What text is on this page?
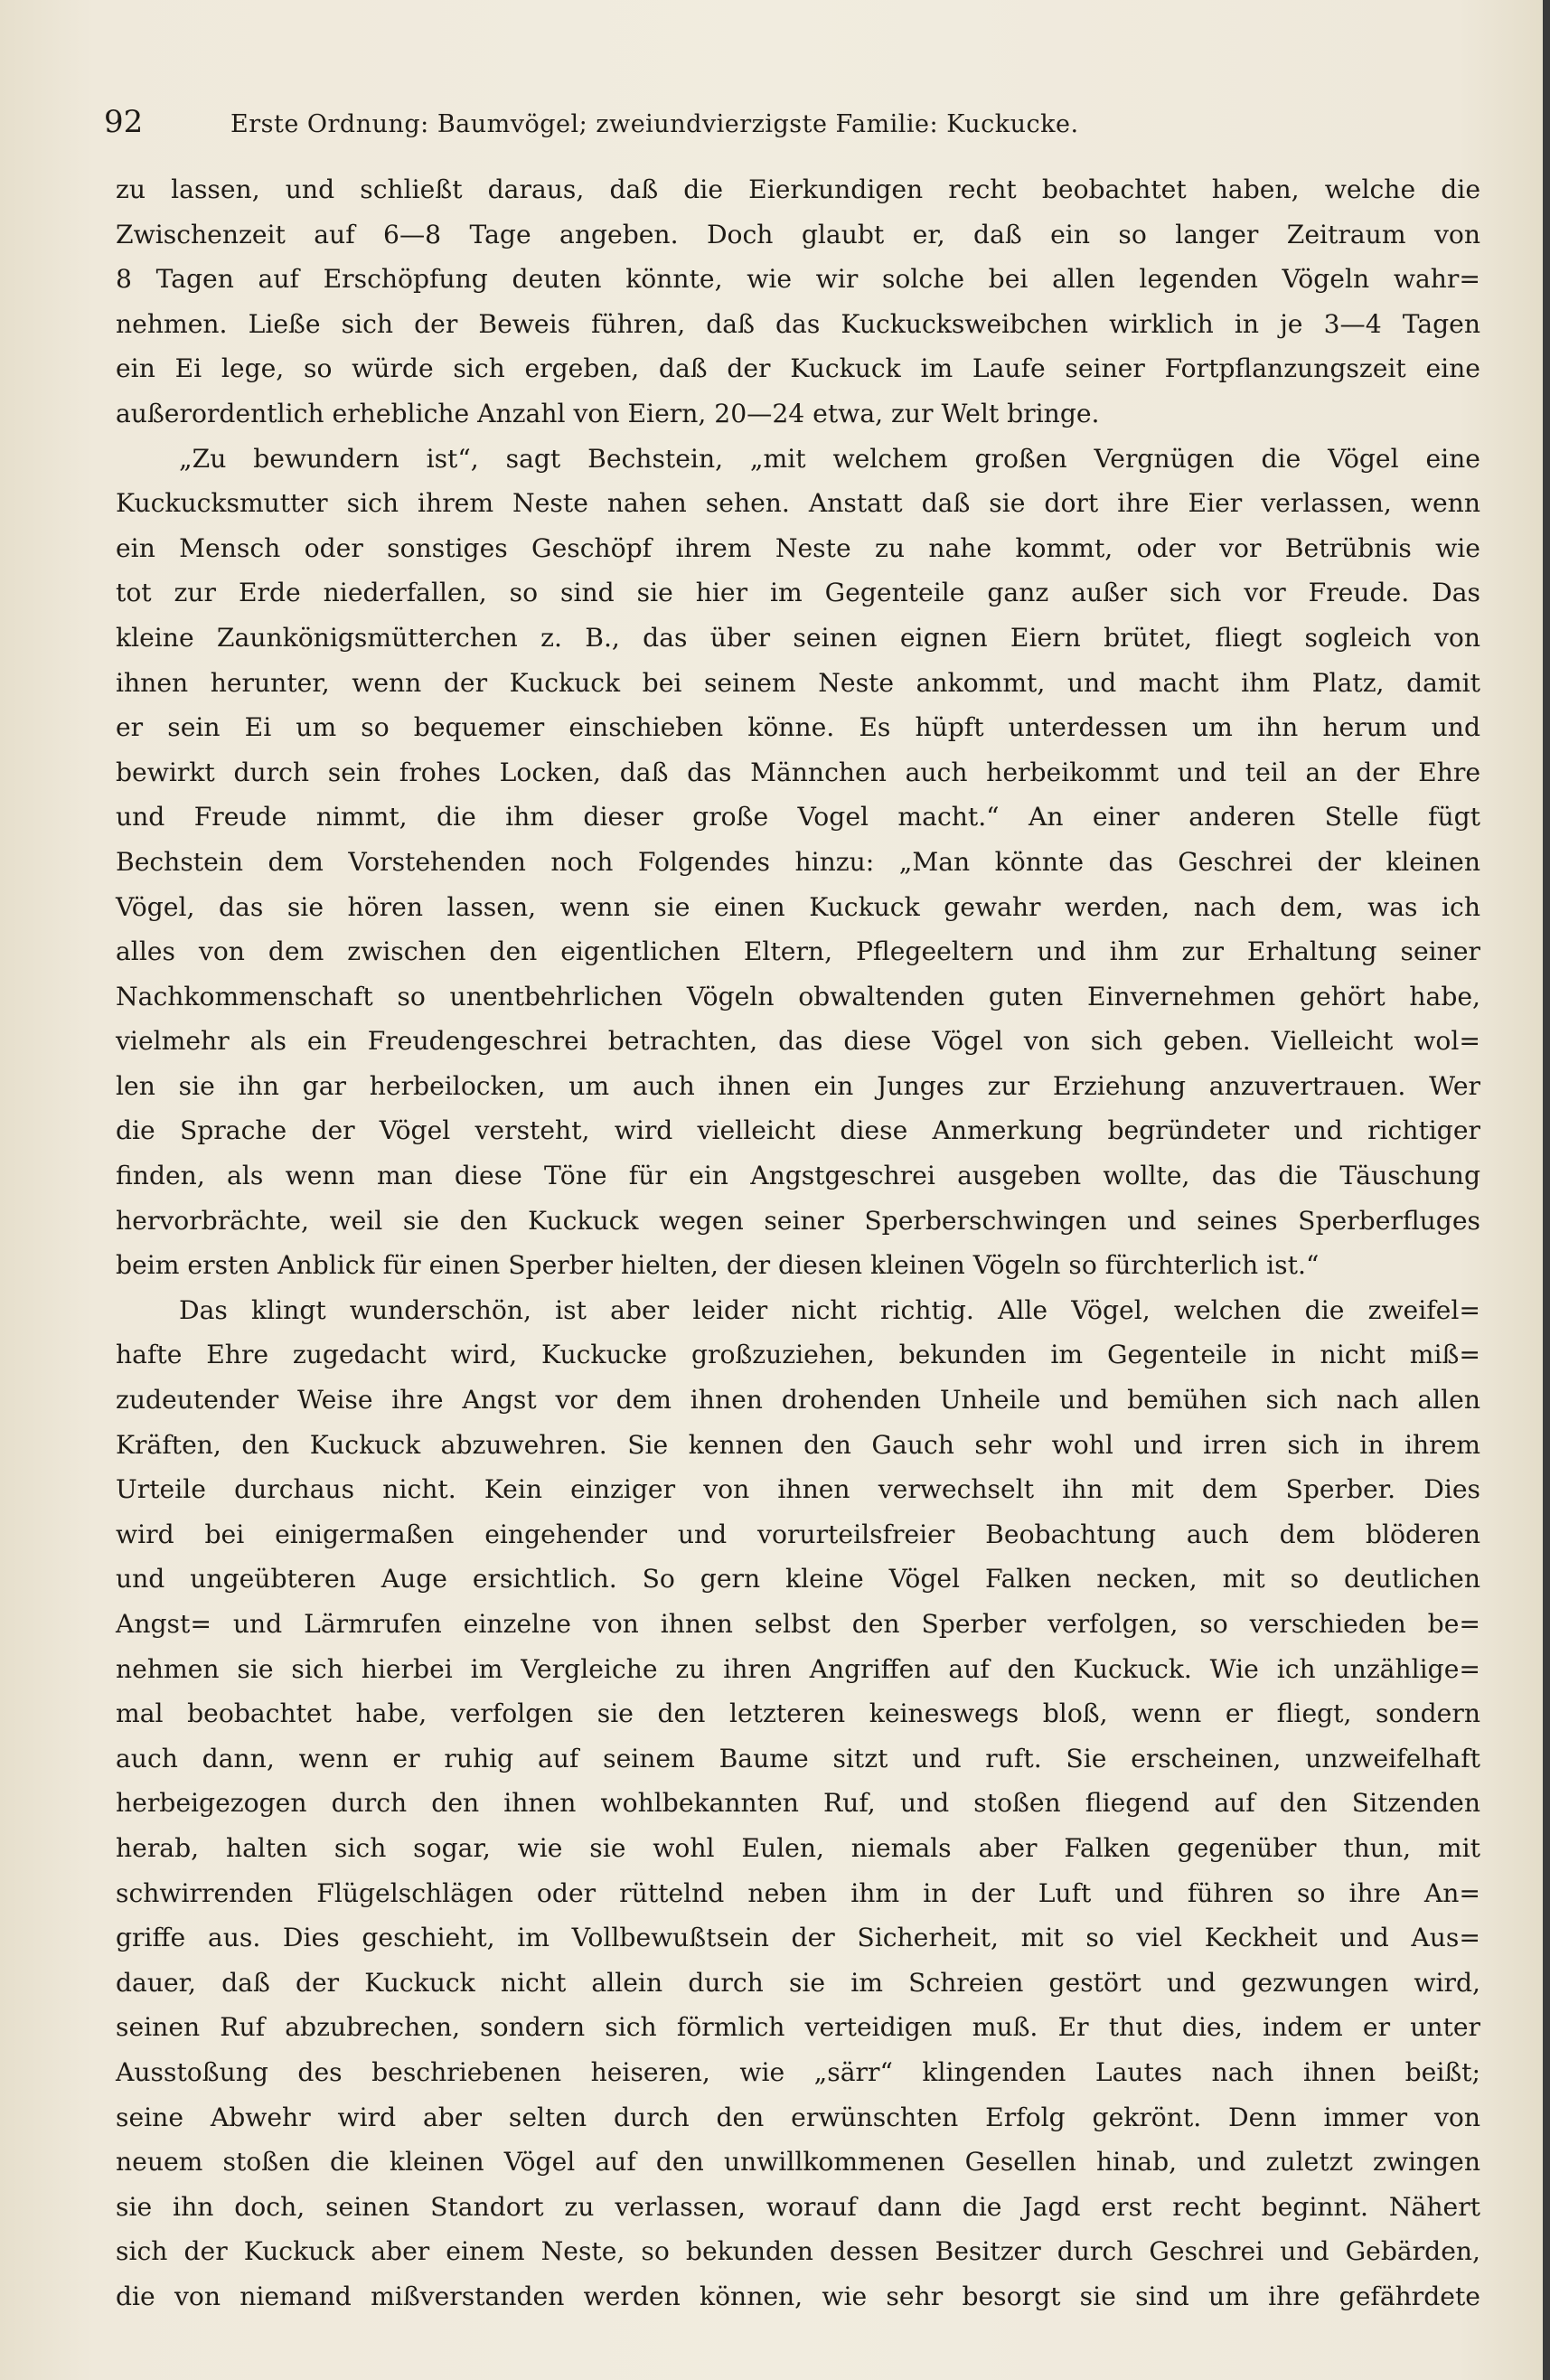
92	Erste Ordnung: Baumvögel; zweiundvierzigste Familie: Kuckucke.
zu lassen, und schließt daraus, daß die Eierkundigen recht beobachtet haben, welche die
Zwischenzeit auf 6—8 Tage angeben. Doch glaubt er, daß ein so langer Zeitraum von
8 Tagen auf Erschöpfung deuten könnte, wie wir solche bei allen legenden Vögeln wahr=
nehmen. Ließe sich der Beweis führen, daß das Kuckucksweibchen wirklich in je 3—4 Tagen
ein Ei lege, so würde sich ergeben, daß der Kuckuck im Laufe seiner Fortpflanzungszeit eine
außerordentlich erhebliche Anzahl von Eiern, 20—24 etwa, zur Welt bringe.
„Zu bewundern ist“, sagt Bechstein, „mit welchem großen Vergnügen die Vögel eine
Kuckucksmutter sich ihrem Neste nahen sehen. Anstatt daß sie dort ihre Eier verlassen, wenn
ein Mensch oder sonstiges Geschöpf ihrem Neste zu nahe kommt, oder vor Betrübnis wie
tot zur Erde niederfallen, so sind sie hier im Gegenteile ganz außer sich vor Freude. Das
kleine Zaunkönigsmütterchen z. B., das über seinen eignen Eiern brütet, fliegt sogleich von
ihnen herunter, wenn der Kuckuck bei seinem Neste ankommt, und macht ihm Platz, damit
er sein Ei um so bequemer einschieben könne. Es hüpft unterdessen um ihn herum und
bewirkt durch sein frohes Locken, daß das Männchen auch herbeikommt und teil an der Ehre
und Freude nimmt, die ihm dieser große Vogel macht.“ An einer anderen Stelle fügt
Bechstein dem Vorstehenden noch Folgendes hinzu: „Man könnte das Geschrei der kleinen
Vögel, das sie hören lassen, wenn sie einen Kuckuck gewahr werden, nach dem, was ich
alles von dem zwischen den eigentlichen Eltern, Pflegeeltern und ihm zur Erhaltung seiner
Nachkommenschaft so unentbehrlichen Vögeln obwaltenden guten Einvernehmen gehört habe,
vielmehr als ein Freudengeschrei betrachten, das diese Vögel von sich geben. Vielleicht wol=
len sie ihn gar herbeilocken, um auch ihnen ein Junges zur Erziehung anzuvertrauen. Wer
die Sprache der Vögel versteht, wird vielleicht diese Anmerkung begründeter und richtiger
finden, als wenn man diese Töne für ein Angstgeschrei ausgeben wollte, das die Täuschung
hervorbrächte, weil sie den Kuckuck wegen seiner Sperberschwingen und seines Sperberfluges
beim ersten Anblick für einen Sperber hielten, der diesen kleinen Vögeln so fürchterlich ist.“
Das klingt wunderschön, ist aber leider nicht richtig. Alle Vögel, welchen die zweifel=
hafte Ehre zugedacht wird, Kuckucke großzuziehen, bekunden im Gegenteile in nicht miß=
zudeutender Weise ihre Angst vor dem ihnen drohenden Unheile und bemühen sich nach allen
Kräften, den Kuckuck abzuwehren. Sie kennen den Gauch sehr wohl und irren sich in ihrem
Urteile durchaus nicht. Kein einziger von ihnen verwechselt ihn mit dem Sperber. Dies
wird bei einigermaßen eingehender und vorurteilsfreier Beobachtung auch dem blöderen
und ungeübteren Auge ersichtlich. So gern kleine Vögel Falken necken, mit so deutlichen
Angst= und Lärmrufen einzelne von ihnen selbst den Sperber verfolgen, so verschieden be=
nehmen sie sich hierbei im Vergleiche zu ihren Angriffen auf den Kuckuck. Wie ich unzählige=
mal beobachtet habe, verfolgen sie den letzteren keineswegs bloß, wenn er fliegt, sondern
auch dann, wenn er ruhig auf seinem Baume sitzt und ruft. Sie erscheinen, unzweifelhaft
herbeigezogen durch den ihnen wohlbekannten Ruf, und stoßen fliegend auf den Sitzenden
herab, halten sich sogar, wie sie wohl Eulen, niemals aber Falken gegenüber thun, mit
schwirrenden Flügelschlägen oder rüttelnd neben ihm in der Luft und führen so ihre An=
griffe aus. Dies geschieht, im Vollbewußtsein der Sicherheit, mit so viel Keckheit und Aus=
dauer, daß der Kuckuck nicht allein durch sie im Schreien gestört und gezwungen wird,
seinen Ruf abzubrechen, sondern sich förmlich verteidigen muß. Er thut dies, indem er unter
Ausstoßung des beschriebenen heiseren, wie „särr“ klingenden Lautes nach ihnen beißt;
seine Abwehr wird aber selten durch den erwünschten Erfolg gekrönt. Denn immer von
neuem stoßen die kleinen Vögel auf den unwillkommenen Gesellen hinab, und zuletzt zwingen
sie ihn doch, seinen Standort zu verlassen, worauf dann die Jagd erst recht beginnt. Nähert
sich der Kuckuck aber einem Neste, so bekunden dessen Besitzer durch Geschrei und Gebärden,
die von niemand mißverstanden werden können, wie sehr besorgt sie sind um ihre gefährdete
